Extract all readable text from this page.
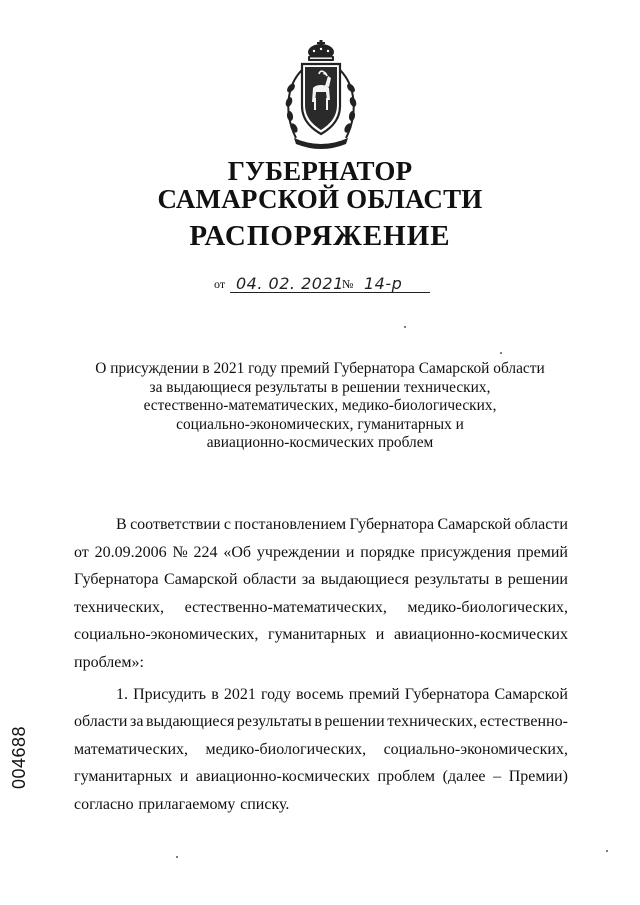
ГУБЕРНАТОР
САМАРСКОЙ ОБЛАСТИ
РАСПОРЯЖЕНИЕ
от 04. 02. 2021
№ 14-р
О присуждении в 2021 году премий Губернатора Самарской области
за выдающиеся результаты в решении технических,
естественно-математических, медико-биологических,
социально-экономических, гуманитарных и
авиационно-космических проблем
В соответствии с постановлением Губернатора Самарской области
от 20.09.2006 № 224 «Об учреждении и порядке присуждения премий
Губернатора Самарской области за выдающиеся результаты в решении
технических, естественно-математических, медико-биологических,
социально-экономических, гуманитарных и авиационно-космических
проблем»:
1. Присудить в 2021 году восемь премий Губернатора Самарской
области за выдающиеся результаты в решении технических, естественно-
математических, медико-биологических, социально-экономических,
гуманитарных и авиационно-космических проблем (далее – Премии)
согласно прилагаемому списку.
004688
